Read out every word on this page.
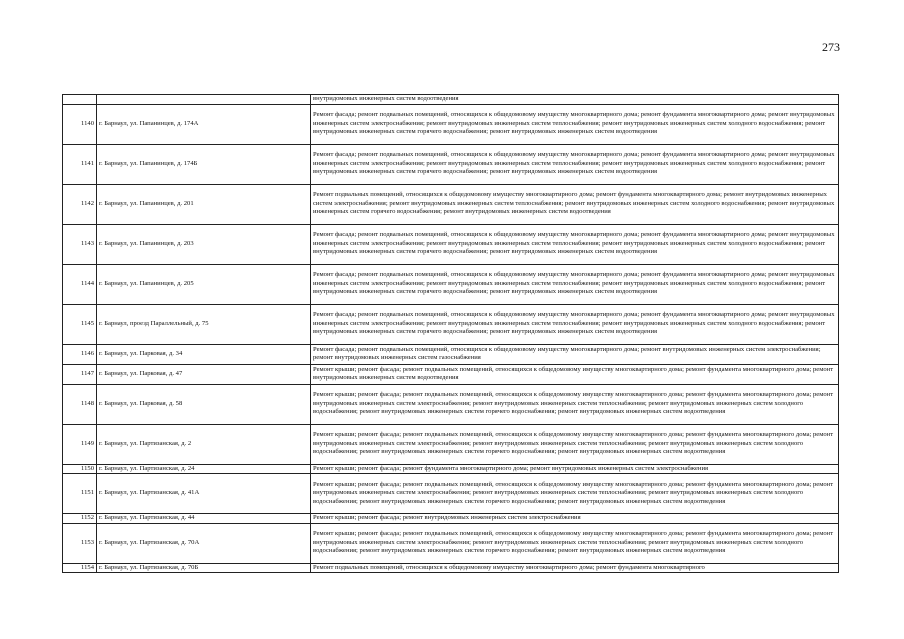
273
		внутридомовых инженерных систем водоотведения
1140	г. Барнаул, ул. Папанинцев, д. 174А	Ремонт фасада; ремонт подвальных помещений, относящихся к общедомовому имуществу многоквартирного дома; ремонт фундамента многоквартирного дома; ремонт внутридомовых инженерных систем электроснабжения; ремонт внутридомовых инженерных систем теплоснабжения; ремонт внутридомовых инженерных систем холодного водоснабжения; ремонт внутридомовых инженерных систем горячего водоснабжения; ремонт внутридомовых инженерных систем водоотведения
1141	г. Барнаул, ул. Папанинцев, д. 174Б	Ремонт фасада; ремонт подвальных помещений, относящихся к общедомовому имуществу многоквартирного дома; ремонт фундамента многоквартирного дома; ремонт внутридомовых инженерных систем электроснабжения; ремонт внутридомовых инженерных систем теплоснабжения; ремонт внутридомовых инженерных систем холодного водоснабжения; ремонт внутридомовых инженерных систем горячего водоснабжения; ремонт внутридомовых инженерных систем водоотведения
1142	г. Барнаул, ул. Папанинцев, д. 201	Ремонт подвальных помещений, относящихся к общедомовому имуществу многоквартирного дома; ремонт фундамента многоквартирного дома; ремонт внутридомовых инженерных систем электроснабжения; ремонт внутридомовых инженерных систем теплоснабжения; ремонт внутридомовых инженерных систем холодного водоснабжения; ремонт внутридомовых инженерных систем горячего водоснабжения; ремонт внутридомовых инженерных систем водоотведения
1143	г. Барнаул, ул. Папанинцев, д. 203	Ремонт фасада; ремонт подвальных помещений, относящихся к общедомовому имуществу многоквартирного дома; ремонт фундамента многоквартирного дома; ремонт внутридомовых инженерных систем электроснабжения; ремонт внутридомовых инженерных систем теплоснабжения; ремонт внутридомовых инженерных систем холодного водоснабжения; ремонт внутридомовых инженерных систем горячего водоснабжения; ремонт внутридомовых инженерных систем водоотведения
1144	г. Барнаул, ул. Папанинцев, д. 205	Ремонт фасада; ремонт подвальных помещений, относящихся к общедомовому имуществу многоквартирного дома; ремонт фундамента многоквартирного дома; ремонт внутридомовых инженерных систем электроснабжения; ремонт внутридомовых инженерных систем теплоснабжения; ремонт внутридомовых инженерных систем холодного водоснабжения; ремонт внутридомовых инженерных систем горячего водоснабжения; ремонт внутридомовых инженерных систем водоотведения
1145	г. Барнаул, проезд Параллельный, д. 75	Ремонт фасада; ремонт подвальных помещений, относящихся к общедомовому имуществу многоквартирного дома; ремонт фундамента многоквартирного дома; ремонт внутридомовых инженерных систем электроснабжения; ремонт внутридомовых инженерных систем теплоснабжения; ремонт внутридомовых инженерных систем холодного водоснабжения; ремонт внутридомовых инженерных систем горячего водоснабжения; ремонт внутридомовых инженерных систем водоотведения
1146	г. Барнаул, ул. Парковая, д. 34	Ремонт фасада; ремонт подвальных помещений, относящихся к общедомовому имуществу многоквартирного дома; ремонт внутридомовых инженерных систем электроснабжения; ремонт внутридомовых инженерных систем газоснабжения
1147	г. Барнаул, ул. Парковая, д. 47	Ремонт крыши; ремонт фасада; ремонт подвальных помещений, относящихся к общедомовому имуществу многоквартирного дома; ремонт фундамента многоквартирного дома; ремонт внутридомовых инженерных систем водоотведения
1148	г. Барнаул, ул. Парковая, д. 58	Ремонт крыши; ремонт фасада; ремонт подвальных помещений, относящихся к общедомовому имуществу многоквартирного дома; ремонт фундамента многоквартирного дома; ремонт внутридомовых инженерных систем электроснабжения; ремонт внутридомовых инженерных систем теплоснабжения; ремонт внутридомовых инженерных систем холодного водоснабжения; ремонт внутридомовых инженерных систем горячего водоснабжения; ремонт внутридомовых инженерных систем водоотведения
1149	г. Барнаул, ул. Партизанская, д. 2	Ремонт крыши; ремонт фасада; ремонт подвальных помещений, относящихся к общедомовому имуществу многоквартирного дома; ремонт фундамента многоквартирного дома; ремонт внутридомовых инженерных систем электроснабжения; ремонт внутридомовых инженерных систем теплоснабжения; ремонт внутридомовых инженерных систем холодного водоснабжения; ремонт внутридомовых инженерных систем горячего водоснабжения; ремонт внутридомовых инженерных систем водоотведения
1150	г. Барнаул, ул. Партизанская, д. 24	Ремонт крыши; ремонт фасада; ремонт фундамента многоквартирного дома; ремонт внутридомовых инженерных систем электроснабжения
1151	г. Барнаул, ул. Партизанская, д. 41А	Ремонт крыши; ремонт фасада; ремонт подвальных помещений, относящихся к общедомовому имуществу многоквартирного дома; ремонт фундамента многоквартирного дома; ремонт внутридомовых инженерных систем электроснабжения; ремонт внутридомовых инженерных систем теплоснабжения; ремонт внутридомовых инженерных систем холодного водоснабжения; ремонт внутридомовых инженерных систем горячего водоснабжения; ремонт внутридомовых инженерных систем водоотведения
1152	г. Барнаул, ул. Партизанская, д. 44	Ремонт крыши; ремонт фасада; ремонт внутридомовых инженерных систем электроснабжения
1153	г. Барнаул, ул. Партизанская, д. 70А	Ремонт крыши; ремонт фасада; ремонт подвальных помещений, относящихся к общедомовому имуществу многоквартирного дома; ремонт фундамента многоквартирного дома; ремонт внутридомовых инженерных систем электроснабжения; ремонт внутридомовых инженерных систем теплоснабжения; ремонт внутридомовых инженерных систем холодного водоснабжения; ремонт внутридомовых инженерных систем горячего водоснабжения; ремонт внутридомовых инженерных систем водоотведения
1154	г. Барнаул, ул. Партизанская, д. 70Б	Ремонт подвальных помещений, относящихся к общедомовому имуществу многоквартирного дома; ремонт фундамента многоквартирного
